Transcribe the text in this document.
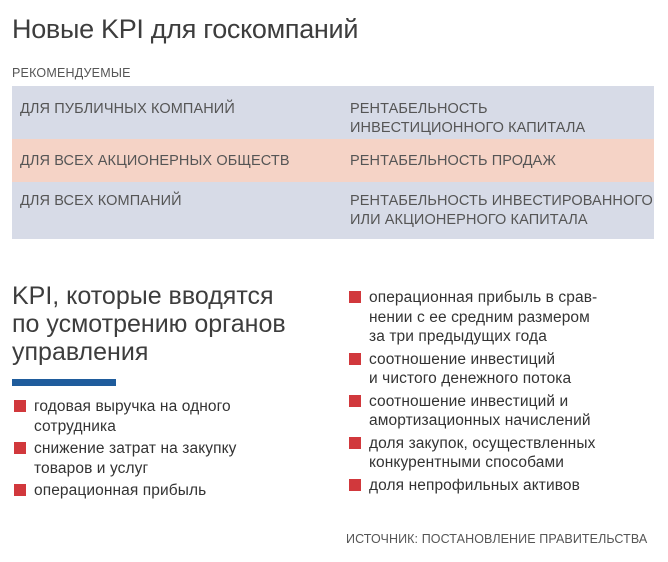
Новые KPI для госкомпаний
РЕКОМЕНДУЕМЫЕ
ДЛЯ ПУБЛИЧНЫХ КОМПАНИЙ	РЕНТАБЕЛЬНОСТЬ
ИНВЕСТИЦИОННОГО КАПИТАЛА
ДЛЯ ВСЕХ АКЦИОНЕРНЫХ ОБЩЕСТВ	РЕНТАБЕЛЬНОСТЬ ПРОДАЖ
ДЛЯ ВСЕХ КОМПАНИЙ	РЕНТАБЕЛЬНОСТЬ ИНВЕСТИРОВАННОГО
ИЛИ АКЦИОНЕРНОГО КАПИТАЛА
KPI, которые вводятся
по усмотрению органов
управления
годовая выручка на одного
сотрудника
снижение затрат на закупку
товаров и услуг
операционная прибыль
операционная прибыль в срав-
нении с ее средним размером
за три предыдущих года
соотношение инвестиций
и чистого денежного потока
соотношение инвестиций и
амортизационных начислений
доля закупок, осуществленных
конкурентными способами
доля непрофильных активов
ИСТОЧНИК: ПОСТАНОВЛЕНИЕ ПРАВИТЕЛЬСТВА
